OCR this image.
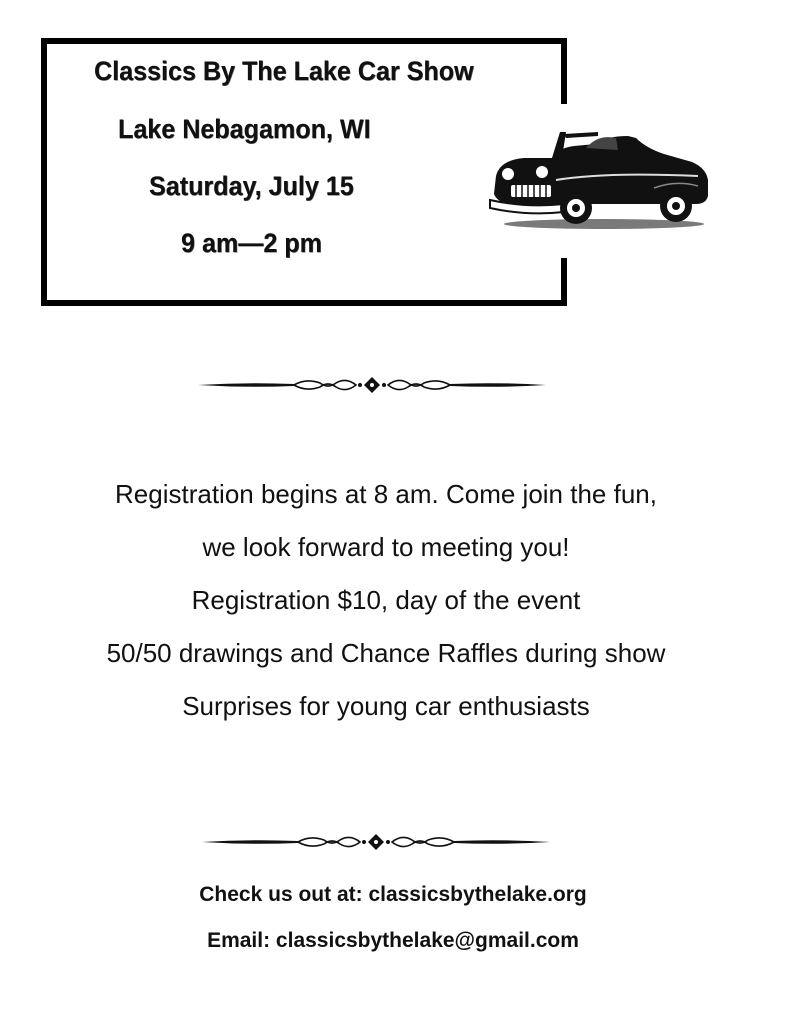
Classics By The Lake Car Show
Lake Nebagamon, WI
Saturday, July 15
9 am—2 pm
Registration begins at 8 am. Come join the fun,
we look forward to meeting you!
Registration $10, day of the event
50/50 drawings and Chance Raffles during show
Surprises for young car enthusiasts
Check us out at: classicsbythelake.org
Email: classicsbythelake@gmail.com
